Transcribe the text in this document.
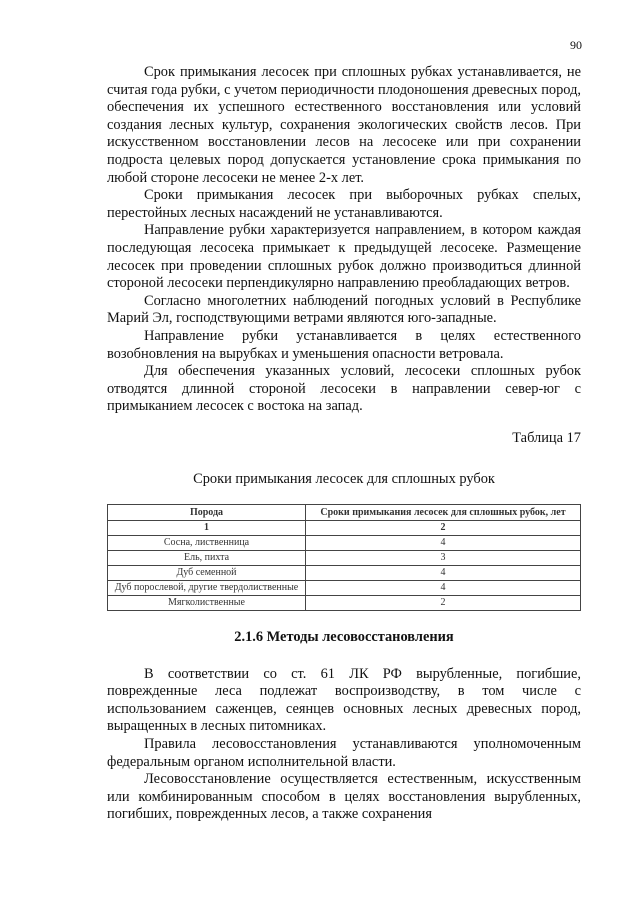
90

Срок примыкания лесосек при сплошных рубках устанавливается, не считая года рубки, с учетом периодичности плодоношения древесных пород, обеспечения их успешного естественного восстановления или условий создания лесных культур, сохранения экологических свойств лесов. При искусственном восстановлении лесов на лесосеке или при сохранении подроста целевых пород допускается установление срока примыкания по любой стороне лесосеки не менее 2-х лет.

Сроки примыкания лесосек при выборочных рубках спелых, перестойных лесных насаждений не устанавливаются.

Направление рубки характеризуется направлением, в котором каждая последующая лесосека примыкает к предыдущей лесосеке. Размещение лесосек при проведении сплошных рубок должно производиться длинной стороной лесосеки перпендикулярно направлению преобладающих ветров.

Согласно многолетних наблюдений погодных условий в Республике Марий Эл, господствующими ветрами являются юго-западные.

Направление рубки устанавливается в целях естественного возобновления на вырубках и уменьшения опасности ветровала.

Для обеспечения указанных условий, лесосеки сплошных рубок отводятся длинной стороной лесосеки в направлении север-юг с примыканием лесосек с востока на запад.

Таблица 17

Сроки примыкания лесосек для сплошных рубок

Порода	Сроки примыкания лесосек для сплошных рубок, лет
1	2
Сосна, лиственница	4
Ель, пихта	3
Дуб семенной	4
Дуб порослевой, другие твердолиственные	4
Мягколиственные	2
2.1.6 Методы лесовосстановления

В соответствии со ст. 61 ЛК РФ вырубленные, погибшие, поврежденные леса подлежат воспроизводству, в том числе с использованием саженцев, сеянцев основных лесных древесных пород, выращенных в лесных питомниках.

Правила лесовосстановления устанавливаются уполномоченным федеральным органом исполнительной власти.

Лесовосстановление осуществляется естественным, искусственным или комбинированным способом в целях восстановления вырубленных, погибших, поврежденных лесов, а также сохранения
